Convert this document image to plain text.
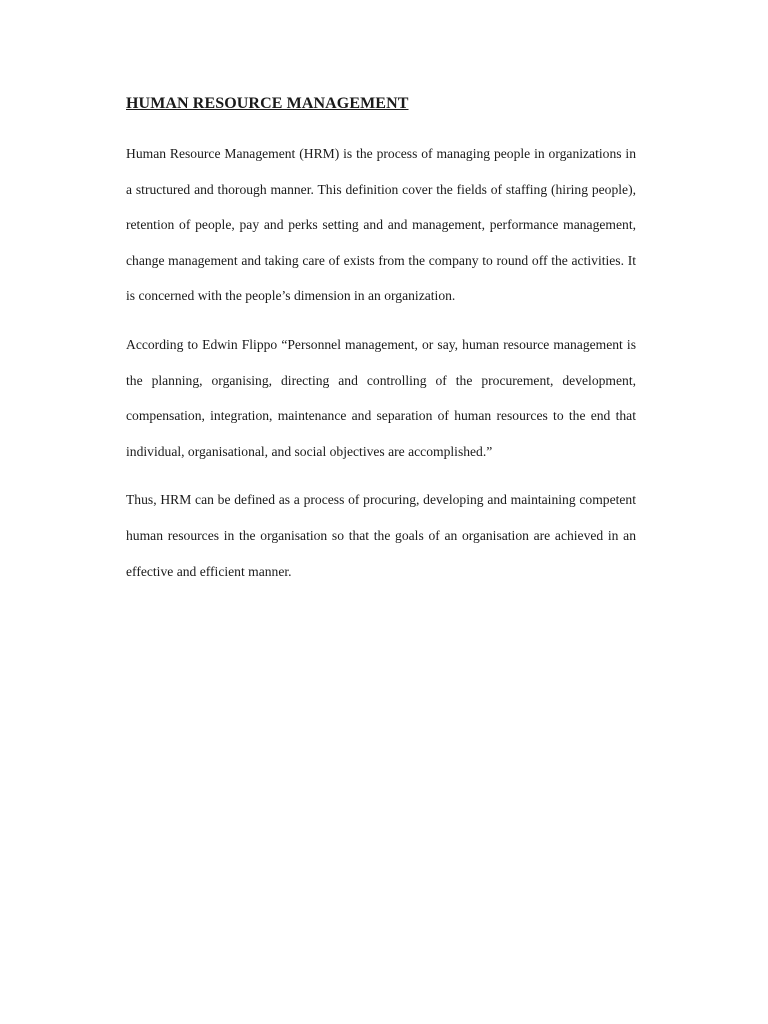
HUMAN RESOURCE MANAGEMENT

Human Resource Management (HRM) is the process of managing people in organizations in a structured and thorough manner. This definition cover the fields of staffing (hiring people), retention of people, pay and perks setting and and management, performance management, change management and taking care of exists from the company to round off the activities. It is concerned with the people’s dimension in an organization.

According to Edwin Flippo “Personnel management, or say, human resource management is the planning, organising, directing and controlling of the procurement, development, compensation, integration, maintenance and separation of human resources to the end that individual, organisational, and social objectives are accomplished.”

Thus, HRM can be defined as a process of procuring, developing and maintaining competent human resources in the organisation so that the goals of an organisation are achieved in an effective and efficient manner.
